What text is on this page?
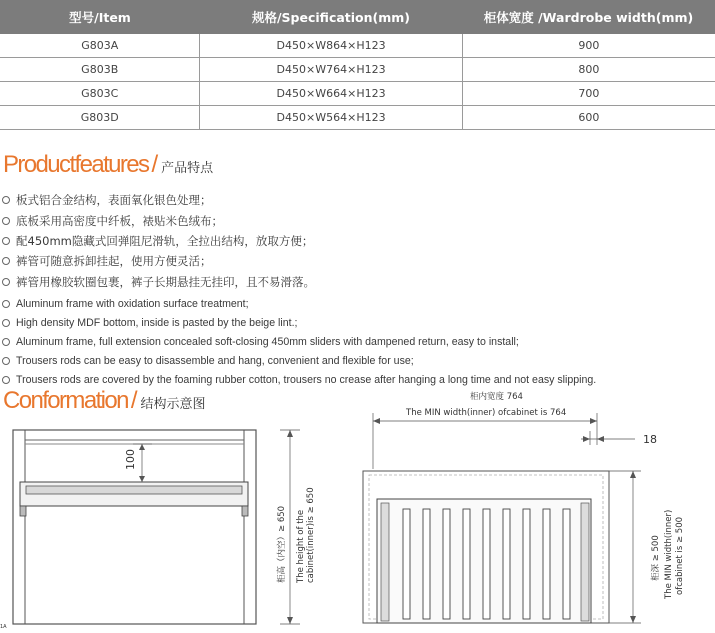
型号/Item	规格/Specification(mm)	柜体宽度 /Wardrobe width(mm)
G803A	D450×W864×H123	900
G803B	D450×W764×H123	800
G803C	D450×W664×H123	700
G803D	D450×W564×H123	600
Productfeatures / 产品特点
板式铝合金结构，表面氧化银色处理；
底板采用高密度中纤板，裱贴米色绒布；
配450mm隐藏式回弹阻尼滑轨，全拉出结构，放取方便；
裤管可随意拆卸挂起，使用方便灵活；
裤管用橡胶软圈包裹，裤子长期悬挂无挂印，且不易滑落。
Aluminum frame with oxidation surface treatment;
High density MDF bottom, inside is pasted by the beige lint.;
Aluminum frame, full extension concealed soft-closing 450mm sliders with dampened return, easy to install;
Trousers rods can be easy to disassemble and hang, convenient and flexible for use;
Trousers rods are covered by the foaming rubber cotton, trousers no crease after hanging a long time and not easy slipping.
Conformation / 结构示意图
100
柜高（内空）≥ 650 The height of the cabinet(inner)is ≥ 650
1A
柜内宽度 764
The MIN width(inner) ofcabinet is 764
18
柜深 ≥ 500 The MIN width(inner) ofcabinet is ≥ 500
